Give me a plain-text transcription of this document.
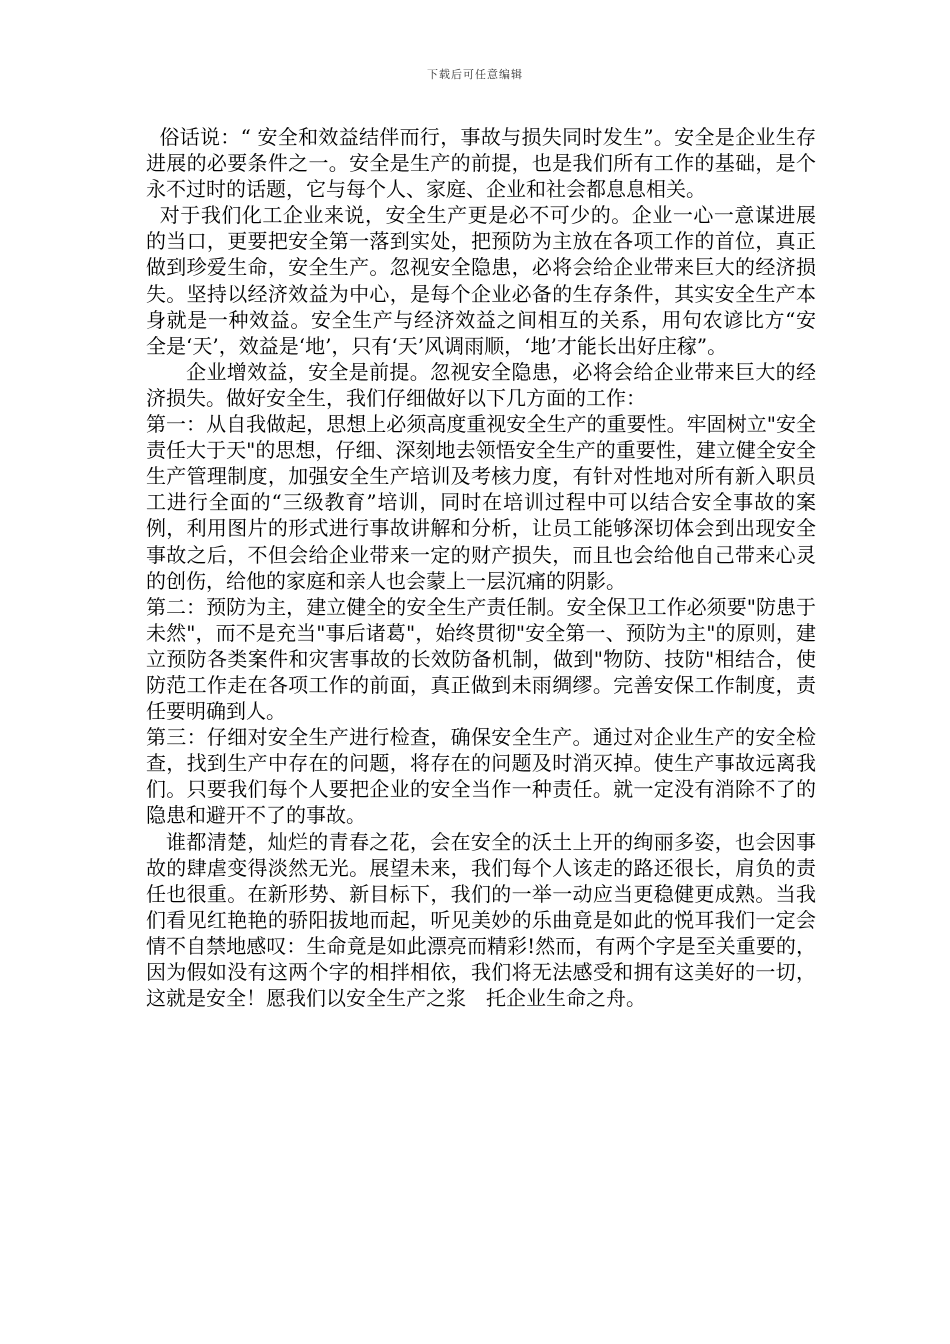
下载后可任意编辑

俗话说：“ 安全和效益结伴而行，事故与损失同时发生”。安全是企业生存进展的必要条件之一。安全是生产的前提，也是我们所有工作的基础，是个永不过时的话题，它与每个人、家庭、企业和社会都息息相关。

对于我们化工企业来说，安全生产更是必不可少的。企业一心一意谋进展的当口，更要把安全第一落到实处，把预防为主放在各项工作的首位，真正做到珍爱生命，安全生产。忽视安全隐患，必将会给企业带来巨大的经济损失。坚持以经济效益为中心，是每个企业必备的生存条件，其实安全生产本身就是一种效益。安全生产与经济效益之间相互的关系，用句农谚比方“安全是‘天’，效益是‘地’，只有‘天’风调雨顺，‘地’才能长出好庄稼”。

企业增效益，安全是前提。忽视安全隐患，必将会给企业带来巨大的经济损失。做好安全生，我们仔细做好以下几方面的工作：

第一：从自我做起，思想上必须高度重视安全生产的重要性。牢固树立"安全责任大于天"的思想，仔细、深刻地去领悟安全生产的重要性，建立健全安全生产管理制度，加强安全生产培训及考核力度，有针对性地对所有新入职员工进行全面的“三级教育”培训，同时在培训过程中可以结合安全事故的案例，利用图片的形式进行事故讲解和分析，让员工能够深切体会到出现安全事故之后，不但会给企业带来一定的财产损失，而且也会给他自己带来心灵的创伤，给他的家庭和亲人也会蒙上一层沉痛的阴影。

第二：预防为主，建立健全的安全生产责任制。安全保卫工作必须要"防患于未然"，而不是充当"事后诸葛"，始终贯彻"安全第一、预防为主"的原则，建立预防各类案件和灾害事故的长效防备机制，做到"物防、技防"相结合，使防范工作走在各项工作的前面，真正做到未雨绸缪。完善安保工作制度，责任要明确到人。

第三：仔细对安全生产进行检查，确保安全生产。通过对企业生产的安全检查，找到生产中存在的问题，将存在的问题及时消灭掉。使生产事故远离我们。只要我们每个人要把企业的安全当作一种责任。就一定没有消除不了的隐患和避开不了的事故。

谁都清楚，灿烂的青春之花，会在安全的沃土上开的绚丽多姿，也会因事故的肆虐变得淡然无光。展望未来，我们每个人该走的路还很长，肩负的责任也很重。在新形势、新目标下，我们的一举一动应当更稳健更成熟。当我们看见红艳艳的骄阳拔地而起，听见美妙的乐曲竟是如此的悦耳我们一定会情不自禁地感叹：生命竟是如此漂亮而精彩!然而，有两个字是至关重要的，因为假如没有这两个字的相拌相依，我们将无法感受和拥有这美好的一切，这就是安全！愿我们以安全生产之浆　托企业生命之舟。
